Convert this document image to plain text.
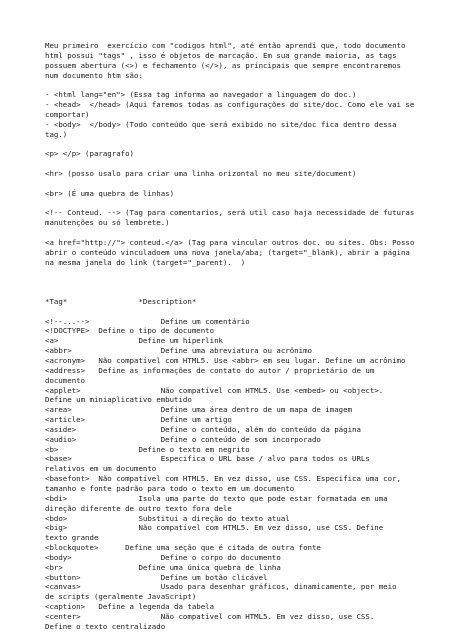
Meu primeiro  exercício com "codigos html", até então aprendi que, todo documento
html possui "tags" , isso é objetos de marcação. Em sua grande maioria, as tags
possuem abertura (<>) e fechamento (</>), as principais que sempre encontraremos
num documento htm são:
- <html lang="en"> (Essa tag informa ao navegador a linguagem do doc.)
- <head>  </head> (Aqui faremos todas as configurações do site/doc. Como ele vai se
comportar)
- <body>  </body> (Todo conteúdo que será exibido no site/doc fica dentro dessa
tag.)
<p> </p> (paragrafo)
<hr> (posso usalo para criar uma linha orizontal no meu site/document)
<br> (É uma quebra de linhas)
<!-- Conteud. --> (Tag para comentarios, será util caso haja necessidade de futuras
manutenções ou só lembrete.)
<a href="http://"> conteud.</a> (Tag para vincular outros doc. ou sites. Obs: Posso
abrir o conteúdo vinculadoem uma nova janela/aba; (target="_blank), abrir a página
na mesma janela do link (target="_parent).  )
*Tag*                *Description*
<!--...-->                Define um comentário
<!DOCTYPE>  Define o tipo de documento
<a>                  Define um hiperlink
<abbr>                    Define uma abreviatura ou acrônimo
<acronym>   Não compatível com HTML5. Use <abbr> em seu lugar. Define um acrônimo
<address>   Define as informações de contato do autor / proprietário de um
documento
<applet>                  Não compatível com HTML5. Use <embed> ou <object>.
Define um miniaplicativo embutido
<area>                    Define uma área dentro de um mapa de imagem
<article>                 Define um artigo
<aside>                   Define o conteúdo, além do conteúdo da página
<audio>                   Define o conteúdo de som incorporado
<b>                  Define o texto em negrito
<base>                    Especifica o URL base / alvo para todos os URLs
relativos em um documento
<basefont>  Não compatível com HTML5. Em vez disso, use CSS. Especifica uma cor,
tamanho e fonte padrão para todo o texto em um documento
<bdi>                Isola uma parte do texto que pode estar formatada em uma
direção diferente de outro texto fora dele
<bdo>                Substitui a direção do texto atual
<big>                Não compatível com HTML5. Em vez disso, use CSS. Define
texto grande
<blockquote>      Define uma seção que é citada de outra fonte
<body>                    Define o corpo do documento
<br>                 Define uma única quebra de linha
<button>                  Define um botão clicável
<canvas>                  Usado para desenhar gráficos, dinamicamente, por meio
de scripts (geralmente JavaScript)
<caption>   Define a legenda da tabela
<center>                  Não compatível com HTML5. Em vez disso, use CSS.
Define o texto centralizado
